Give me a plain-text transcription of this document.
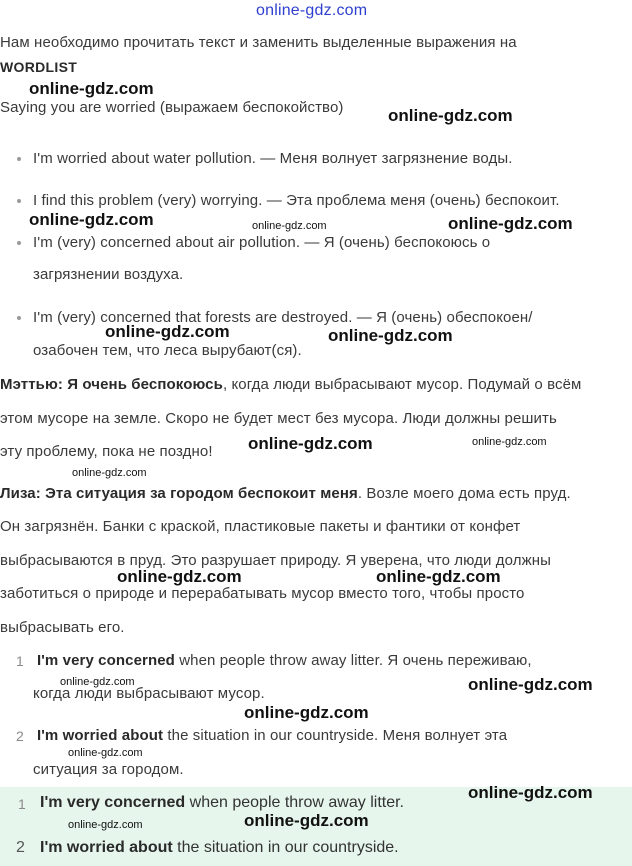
online-gdz.com
Нам необходимо прочитать текст и заменить выделенные выражения на
WORDLIST
Saying you are worried (выражаем беспокойство)
I'm worried about water pollution. — Меня волнует загрязнение воды.
I find this problem (very) worrying. — Эта проблема меня (очень) беспокоит.
I'm (very) concerned about air pollution. — Я (очень) беспокоюсь о
загрязнении воздуха.
I'm (very) concerned that forests are destroyed. — Я (очень) обеспокоен/
озабочен тем, что леса вырубают(ся).
Мэттью: Я очень беспокоюсь, когда люди выбрасывают мусор. Подумай о всём
этом мусоре на земле. Скоро не будет мест без мусора. Люди должны решить
эту проблему, пока не поздно!
Лиза: Эта ситуация за городом беспокоит меня. Возле моего дома есть пруд.
Он загрязнён. Банки с краской, пластиковые пакеты и фантики от конфет
выбрасываются в пруд. Это разрушает природу. Я уверена, что люди должны
заботиться о природе и перерабатывать мусор вместо того, чтобы просто
выбрасывать его.
1 I'm very concerned when people throw away litter. Я очень переживаю,
когда люди выбрасывают мусор.
2 I'm worried about the situation in our countryside. Меня волнует эта
ситуация за городом.
1 I'm very concerned when people throw away litter.
2 I'm worried about the situation in our countryside.
online-gdz.com
online-gdz.com
online-gdz.com	online-gdz.com	online-gdz.com
online-gdz.com	online-gdz.com
online-gdz.com	online-gdz.com
online-gdz.com
online-gdz.com	online-gdz.com
online-gdz.com	online-gdz.com
online-gdz.com
online-gdz.com
online-gdz.com
online-gdz.com	online-gdz.com
